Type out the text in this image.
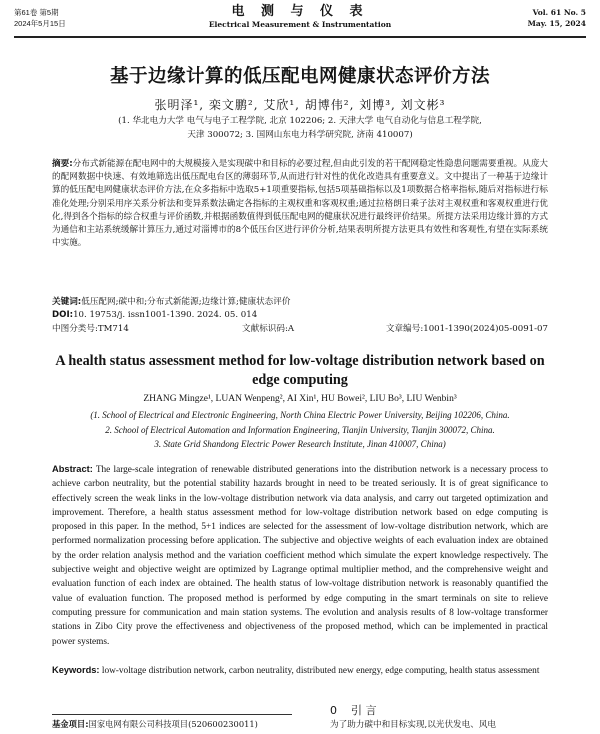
第61卷 第5期
2024年5月15日
电 测 与 仪 表
Electrical Measurement & Instrumentation
Vol. 61 No. 5
May. 15, 2024
基于边缘计算的低压配电网健康状态评价方法
张明泽¹, 栾文鹏², 艾欣¹, 胡博伟², 刘博³, 刘文彬³
(1. 华北电力大学 电气与电子工程学院, 北京 102206; 2. 天津大学 电气自动化与信息工程学院,
天津 300072; 3. 国网山东电力科学研究院, 济南 410007)
摘要:分布式新能源在配电网中的大规模接入是实现碳中和目标的必要过程,但由此引发的若干配网稳定性隐患问题需要重视。从庞大的配网数据中快速、有效地筛选出低压配电台区的薄弱环节,从而进行针对性的优化改造具有重要意义。文中提出了一种基于边缘计算的低压配电网健康状态评价方法,在众多指标中选取5+1项重要指标,包括5项基础指标以及1项数据合格率指标,随后对指标进行标准化处理;分别采用序关系分析法和变异系数法确定各指标的主观权重和客观权重;通过拉格朗日乘子法对主观权重和客观权重进行优化,得到各个指标的综合权重与评价函数,并根据函数值得到低压配电网的健康状况进行最终评价结果。所提方法采用边缘计算的方式为通信和主站系统缓解计算压力,通过对淄博市的8个低压台区进行评价分析,结果表明所提方法更具有效性和客观性,有望在实际系统中实施。
关键词:低压配网;碳中和;分布式新能源;边缘计算;健康状态评价
DOI:10. 19753/j. issn1001-1390. 2024. 05. 014
中图分类号:TM714	文献标识码:A	文章编号:1001-1390(2024)05-0091-07
A health status assessment method for low-voltage distribution network based on edge computing
ZHANG Mingze¹, LUAN Wenpeng², AI Xin¹, HU Bowei², LIU Bo³, LIU Wenbin³
(1. School of Electrical and Electronic Engineering, North China Electric Power University, Beijing 102206, China.
2. School of Electrical Automation and Information Engineering, Tianjin University, Tianjin 300072, China.
3. State Grid Shandong Electric Power Research Institute, Jinan 410007, China)
Abstract: The large-scale integration of renewable distributed generations into the distribution network is a necessary process to achieve carbon neutrality, but the potential stability hazards brought in need to be treated seriously. It is of great significance to effectively screen the weak links in the low-voltage distribution network via data analysis, and carry out targeted optimization and improvement. Therefore, a health status assessment method for low-voltage distribution network based on edge computing is proposed in this paper. In the method, 5+1 indices are selected for the assessment of low-voltage distribution network, which are performed normalization processing before application. The subjective and objective weights of each evaluation index are obtained by the order relation analysis method and the variation coefficient method which simulate the expert knowledge respectively. The subjective weight and objective weight are optimized by Lagrange optimal multiplier method, and the comprehensive weight and evaluation function of each index are obtained. The health status of low-voltage distribution network is reasonably quantified the value of evaluation function. The proposed method is performed by edge computing in the smart terminals on site to relieve computing pressure for communication and main station systems. The evolution and analysis results of 8 low-voltage transformer stations in Zibo City prove the effectiveness and objectiveness of the proposed method, which can be implemented in practical power systems.
Keywords: low-voltage distribution network, carbon neutrality, distributed new energy, edge computing, health status assessment
0 引 言
基金项目:国家电网有限公司科技项目(520600230011)	为了助力碳中和目标实现,以光伏发电、风电
